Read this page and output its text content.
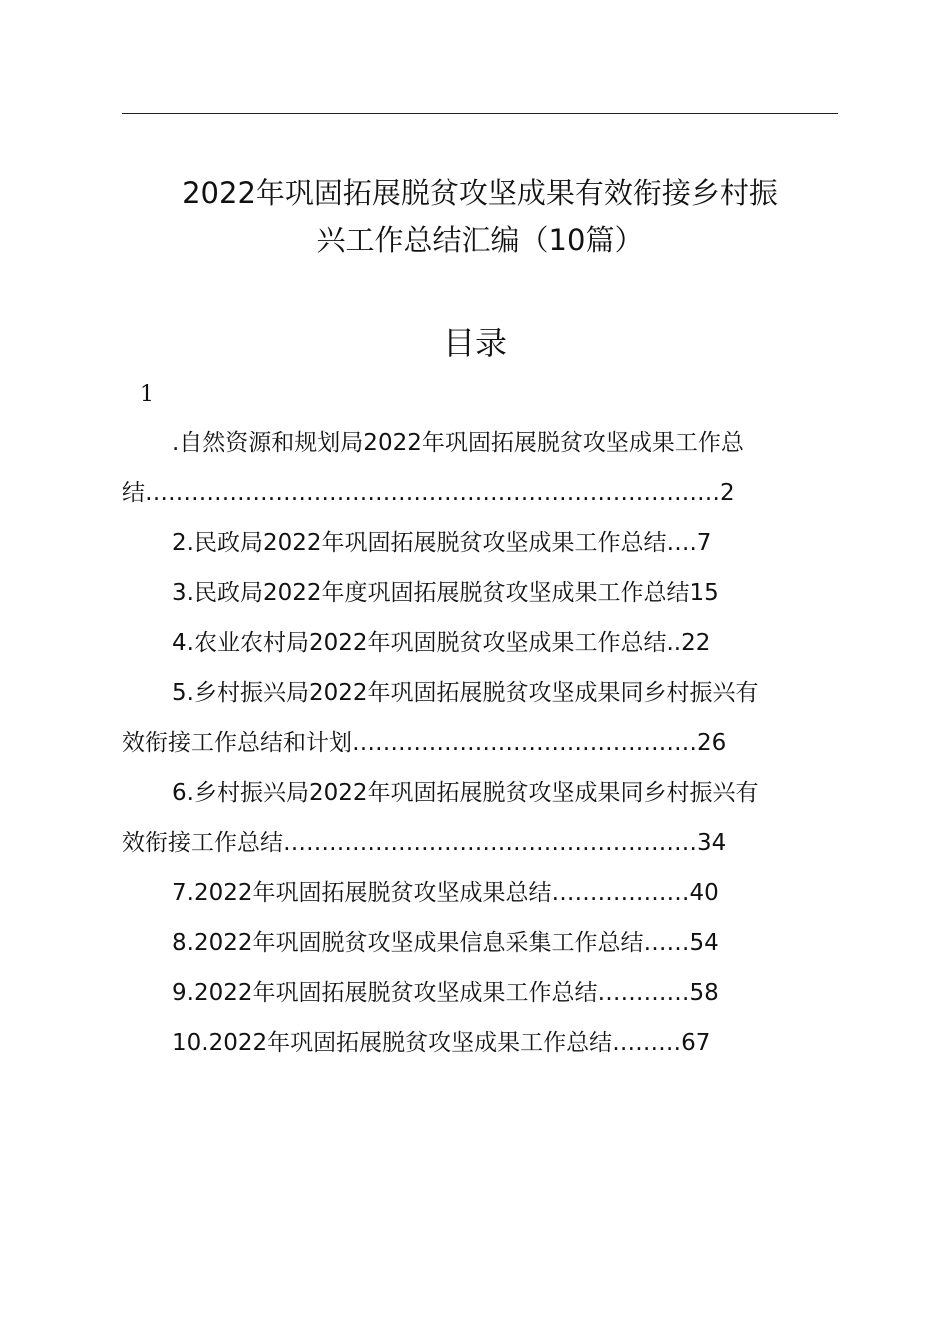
2022年巩固拓展脱贫攻坚成果有效衔接乡村振
兴工作总结汇编（10篇）
目录
1
.自然资源和规划局2022年巩固拓展脱贫攻坚成果工作总
结…………………………………………………………………2
2.民政局2022年巩固拓展脱贫攻坚成果工作总结….7
3.民政局2022年度巩固拓展脱贫攻坚成果工作总结15
4.农业农村局2022年巩固脱贫攻坚成果工作总结..22
5.乡村振兴局2022年巩固拓展脱贫攻坚成果同乡村振兴有
效衔接工作总结和计划………………………………………26
6.乡村振兴局2022年巩固拓展脱贫攻坚成果同乡村振兴有
效衔接工作总结………………………………………………34
7.2022年巩固拓展脱贫攻坚成果总结………………40
8.2022年巩固脱贫攻坚成果信息采集工作总结……54
9.2022年巩固拓展脱贫攻坚成果工作总结…………58
10.2022年巩固拓展脱贫攻坚成果工作总结………67
